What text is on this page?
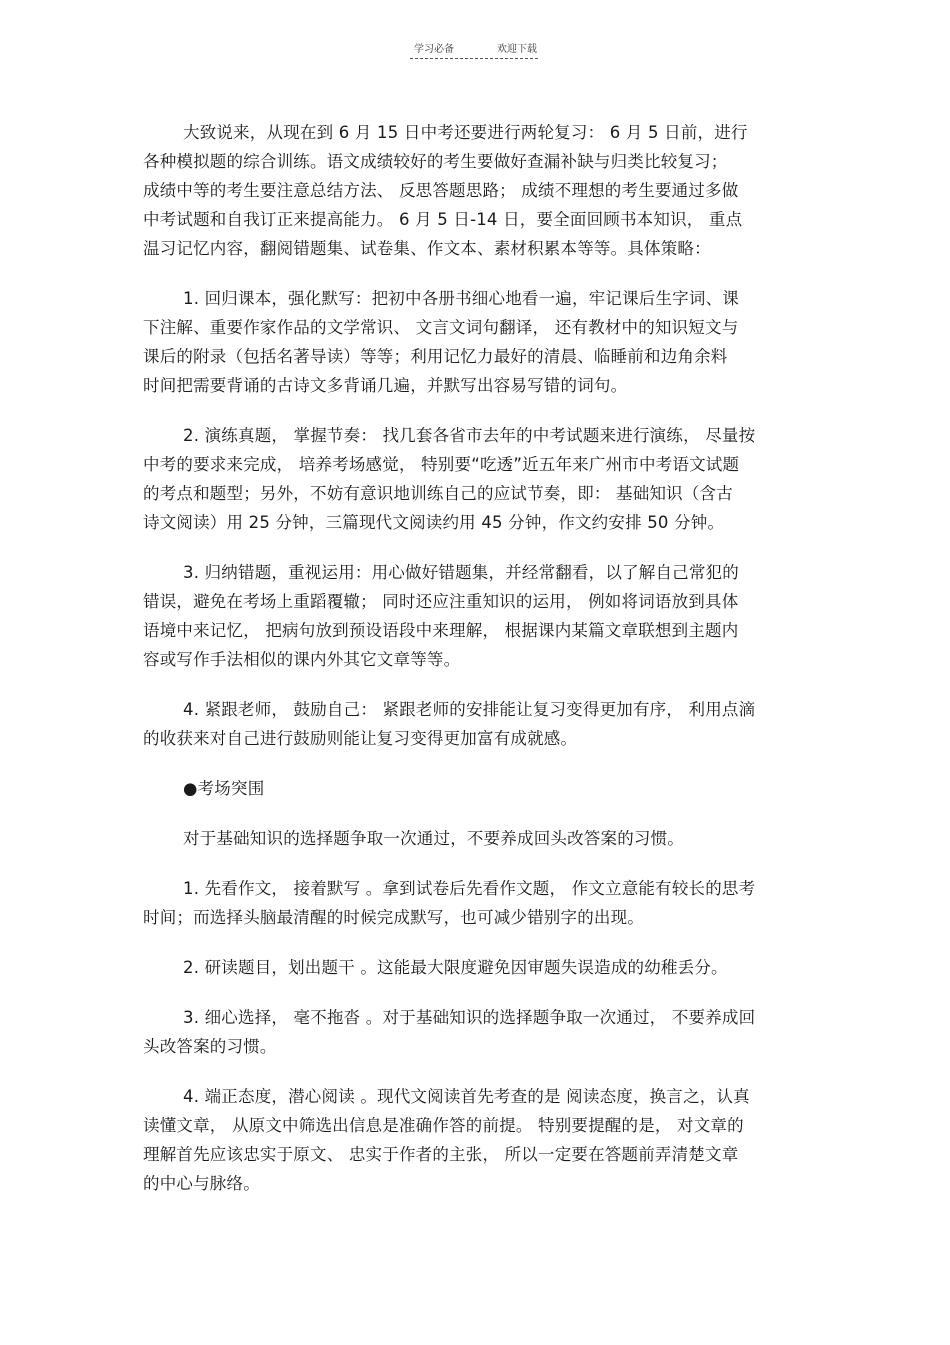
学习必备	欢迎下载

大致说来，从现在到 6 月 15 日中考还要进行两轮复习： 6 月 5 日前，进行
各种模拟题的综合训练。语文成绩较好的考生要做好查漏补缺与归类比较复习；
成绩中等的考生要注意总结方法、 反思答题思路； 成绩不理想的考生要通过多做
中考试题和自我订正来提高能力。 6 月 5 日-14 日，要全面回顾书本知识， 重点
温习记忆内容，翻阅错题集、试卷集、作文本、素材积累本等等。具体策略：

1. 回归课本，强化默写：把初中各册书细心地看一遍，牢记课后生字词、课
下注解、重要作家作品的文学常识、 文言文词句翻译， 还有教材中的知识短文与
课后的附录（包括名著导读）等等；利用记忆力最好的清晨、临睡前和边角余料
时间把需要背诵的古诗文多背诵几遍，并默写出容易写错的词句。

2. 演练真题， 掌握节奏： 找几套各省市去年的中考试题来进行演练， 尽量按
中考的要求来完成， 培养考场感觉， 特别要“吃透”近五年来广州市中考语文试题
的考点和题型；另外，不妨有意识地训练自己的应试节奏，即： 基础知识（含古
诗文阅读）用 25 分钟，三篇现代文阅读约用 45 分钟，作文约安排 50 分钟。

3. 归纳错题，重视运用：用心做好错题集，并经常翻看，以了解自己常犯的
错误，避免在考场上重蹈覆辙； 同时还应注重知识的运用， 例如将词语放到具体
语境中来记忆， 把病句放到预设语段中来理解， 根据课内某篇文章联想到主题内
容或写作手法相似的课内外其它文章等等。

4. 紧跟老师， 鼓励自己： 紧跟老师的安排能让复习变得更加有序， 利用点滴
的收获来对自己进行鼓励则能让复习变得更加富有成就感。

●考场突围

对于基础知识的选择题争取一次通过，不要养成回头改答案的习惯。

1. 先看作文， 接着默写 。拿到试卷后先看作文题， 作文立意能有较长的思考
时间；而选择头脑最清醒的时候完成默写，也可减少错别字的出现。

2. 研读题目，划出题干 。这能最大限度避免因审题失误造成的幼稚丢分。

3. 细心选择， 毫不拖沓 。对于基础知识的选择题争取一次通过， 不要养成回
头改答案的习惯。

4. 端正态度，潜心阅读 。现代文阅读首先考查的是 阅读态度，换言之，认真
读懂文章， 从原文中筛选出信息是准确作答的前提。 特别要提醒的是， 对文章的
理解首先应该忠实于原文、 忠实于作者的主张， 所以一定要在答题前弄清楚文章
的中心与脉络。
